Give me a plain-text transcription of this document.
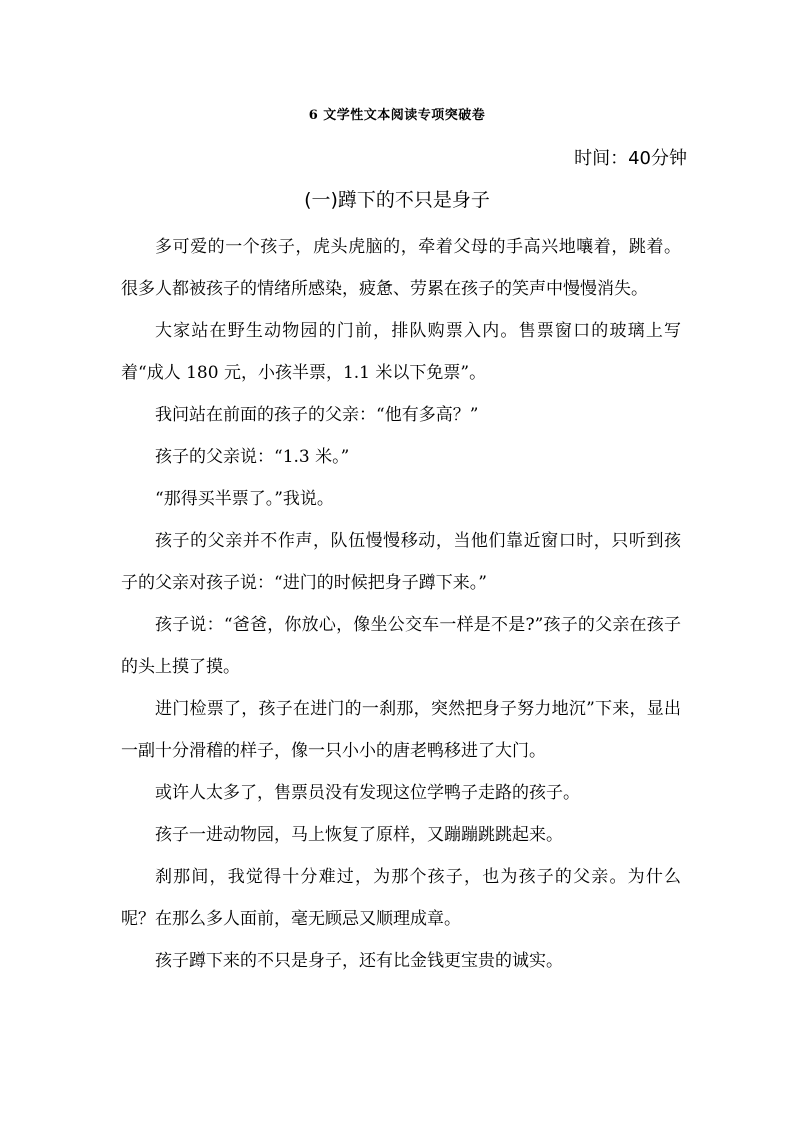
6 文学性文本阅读专项突破卷
时间：40分钟
(一)蹲下的不只是身子

多可爱的一个孩子，虎头虎脑的，牵着父母的手高兴地嚷着，跳着。很多人都被孩子的情绪所感染，疲惫、劳累在孩子的笑声中慢慢消失。

大家站在野生动物园的门前，排队购票入内。售票窗口的玻璃上写着“成人 180 元，小孩半票，1.1 米以下免票”。

我问站在前面的孩子的父亲：“他有多高？”

孩子的父亲说：“1.3 米。”

“那得买半票了。”我说。

孩子的父亲并不作声，队伍慢慢移动，当他们靠近窗口时，只听到孩子的父亲对孩子说：“进门的时候把身子蹲下来。”

孩子说：“爸爸，你放心，像坐公交车一样是不是?”孩子的父亲在孩子的头上摸了摸。

进门检票了，孩子在进门的一刹那，突然把身子努力地沉”下来，显出一副十分滑稽的样子，像一只小小的唐老鸭移进了大门。

或许人太多了，售票员没有发现这位学鸭子走路的孩子。

孩子一进动物园，马上恢复了原样，又蹦蹦跳跳起来。

刹那间，我觉得十分难过，为那个孩子，也为孩子的父亲。为什么呢？在那么多人面前，毫无顾忌又顺理成章。

孩子蹲下来的不只是身子，还有比金钱更宝贵的诚实。
